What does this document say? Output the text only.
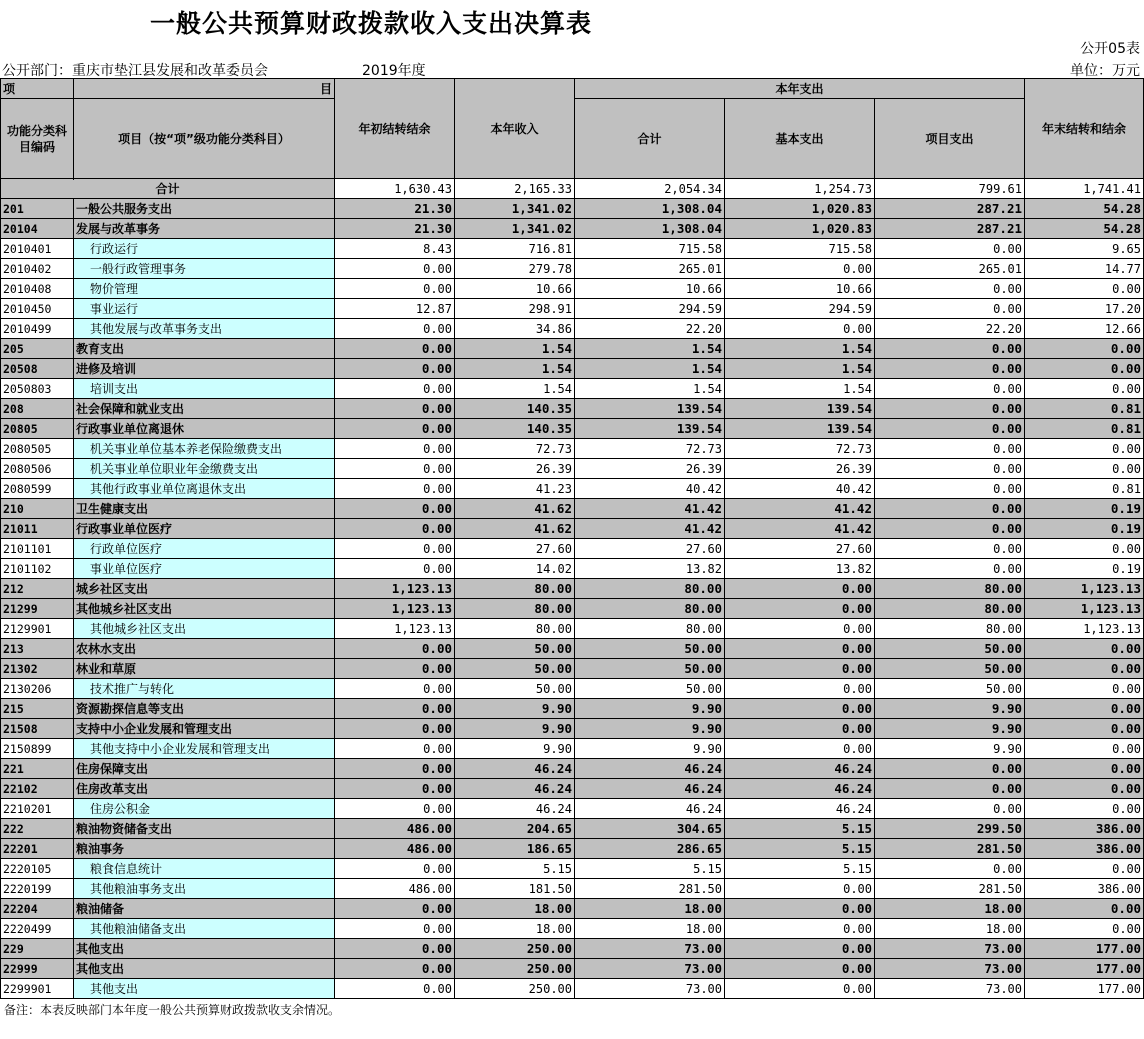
一般公共预算财政拨款收入支出决算表
公开05表
公开部门：重庆市垫江县发展和改革委员会	2019年度	单位：万元
项	目	年初结转结余	本年收入	本年支出			年末结转和结余
功能分类科目编码	项目（按“项”级功能分类科目）			合计	基本支出	项目支出	

合计		1,630.43	2,165.33	2,054.34	1,254.73	799.61	1,741.41
201	一般公共服务支出	21.30	1,341.02	1,308.04	1,020.83	287.21	54.28
20104	发展与改革事务	21.30	1,341.02	1,308.04	1,020.83	287.21	54.28
2010401	行政运行	8.43	716.81	715.58	715.58	0.00	9.65
2010402	一般行政管理事务	0.00	279.78	265.01	0.00	265.01	14.77
2010408	物价管理	0.00	10.66	10.66	10.66	0.00	0.00
2010450	事业运行	12.87	298.91	294.59	294.59	0.00	17.20
2010499	其他发展与改革事务支出	0.00	34.86	22.20	0.00	22.20	12.66
205	教育支出	0.00	1.54	1.54	1.54	0.00	0.00
20508	进修及培训	0.00	1.54	1.54	1.54	0.00	0.00
2050803	培训支出	0.00	1.54	1.54	1.54	0.00	0.00
208	社会保障和就业支出	0.00	140.35	139.54	139.54	0.00	0.81
20805	行政事业单位离退休	0.00	140.35	139.54	139.54	0.00	0.81
2080505	机关事业单位基本养老保险缴费支出	0.00	72.73	72.73	72.73	0.00	0.00
2080506	机关事业单位职业年金缴费支出	0.00	26.39	26.39	26.39	0.00	0.00
2080599	其他行政事业单位离退休支出	0.00	41.23	40.42	40.42	0.00	0.81
210	卫生健康支出	0.00	41.62	41.42	41.42	0.00	0.19
21011	行政事业单位医疗	0.00	41.62	41.42	41.42	0.00	0.19
2101101	行政单位医疗	0.00	27.60	27.60	27.60	0.00	0.00
2101102	事业单位医疗	0.00	14.02	13.82	13.82	0.00	0.19
212	城乡社区支出	1,123.13	80.00	80.00	0.00	80.00	1,123.13
21299	其他城乡社区支出	1,123.13	80.00	80.00	0.00	80.00	1,123.13
2129901	其他城乡社区支出	1,123.13	80.00	80.00	0.00	80.00	1,123.13
213	农林水支出	0.00	50.00	50.00	0.00	50.00	0.00
21302	林业和草原	0.00	50.00	50.00	0.00	50.00	0.00
2130206	技术推广与转化	0.00	50.00	50.00	0.00	50.00	0.00
215	资源勘探信息等支出	0.00	9.90	9.90	0.00	9.90	0.00
21508	支持中小企业发展和管理支出	0.00	9.90	9.90	0.00	9.90	0.00
2150899	其他支持中小企业发展和管理支出	0.00	9.90	9.90	0.00	9.90	0.00
221	住房保障支出	0.00	46.24	46.24	46.24	0.00	0.00
22102	住房改革支出	0.00	46.24	46.24	46.24	0.00	0.00
2210201	住房公积金	0.00	46.24	46.24	46.24	0.00	0.00
222	粮油物资储备支出	486.00	204.65	304.65	5.15	299.50	386.00
22201	粮油事务	486.00	186.65	286.65	5.15	281.50	386.00
2220105	粮食信息统计	0.00	5.15	5.15	5.15	0.00	0.00
2220199	其他粮油事务支出	486.00	181.50	281.50	0.00	281.50	386.00
22204	粮油储备	0.00	18.00	18.00	0.00	18.00	0.00
2220499	其他粮油储备支出	0.00	18.00	18.00	0.00	18.00	0.00
229	其他支出	0.00	250.00	73.00	0.00	73.00	177.00
22999	其他支出	0.00	250.00	73.00	0.00	73.00	177.00
2299901	其他支出	0.00	250.00	73.00	0.00	73.00	177.00
备注：本表反映部门本年度一般公共预算财政拨款收支余情况。
